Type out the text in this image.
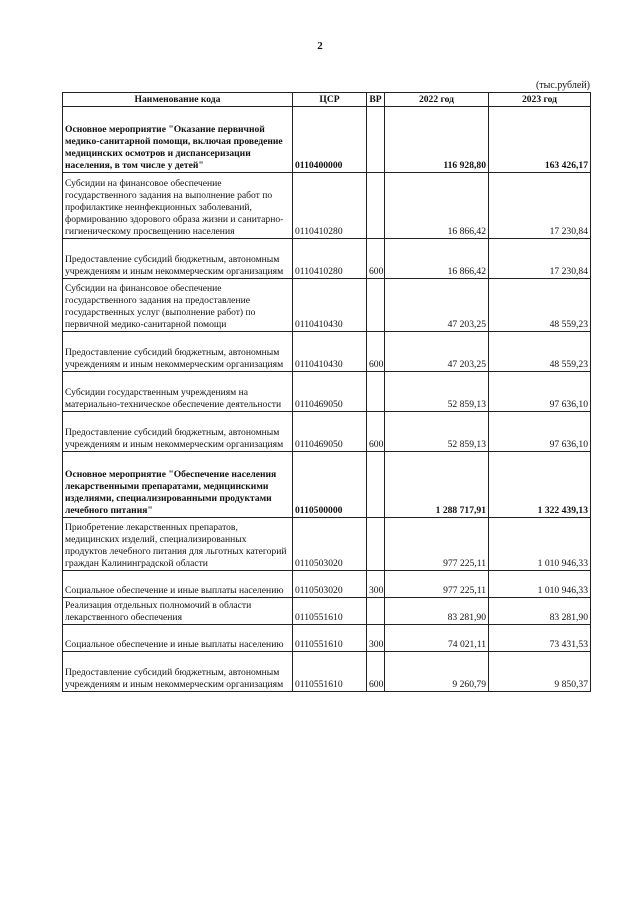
2
(тыс.рублей)
Наименование кода	ЦСР	ВР	2022 год	2023 год
Основное мероприятие "Оказание первичной медико-санитарной помощи, включая проведение медицинских осмотров и диспансеризации населения, в том числе у детей"	0110400000		116 928,80	163 426,17
Субсидии на финансовое обеспечение государственного задания на выполнение работ по профилактике неинфекционных заболеваний, формированию здорового образа жизни и санитарно-гигиеническому просвещению населения	0110410280		16 866,42	17 230,84
Предоставление субсидий бюджетным, автономным учреждениям и иным некоммерческим организациям	0110410280	600	16 866,42	17 230,84
Субсидии на финансовое обеспечение государственного задания на предоставление государственных услуг (выполнение работ) по первичной медико-санитарной помощи	0110410430		47 203,25	48 559,23
Предоставление субсидий бюджетным, автономным учреждениям и иным некоммерческим организациям	0110410430	600	47 203,25	48 559,23
Субсидии государственным учреждениям на материально-техническое обеспечение деятельности	0110469050		52 859,13	97 636,10
Предоставление субсидий бюджетным, автономным учреждениям и иным некоммерческим организациям	0110469050	600	52 859,13	97 636,10
Основное мероприятие "Обеспечение населения лекарственными препаратами, медицинскими изделиями, специализированными продуктами лечебного питания"	0110500000		1 288 717,91	1 322 439,13
Приобретение лекарственных препаратов, медицинских изделий, специализированных продуктов лечебного питания для льготных категорий граждан Калининградской области	0110503020		977 225,11	1 010 946,33
Социальное обеспечение и иные выплаты населению	0110503020	300	977 225,11	1 010 946,33
Реализация отдельных полномочий в области лекарственного обеспечения	0110551610		83 281,90	83 281,90
Социальное обеспечение и иные выплаты населению	0110551610	300	74 021,11	73 431,53
Предоставление субсидий бюджетным, автономным учреждениям и иным некоммерческим организациям	0110551610	600	9 260,79	9 850,37
